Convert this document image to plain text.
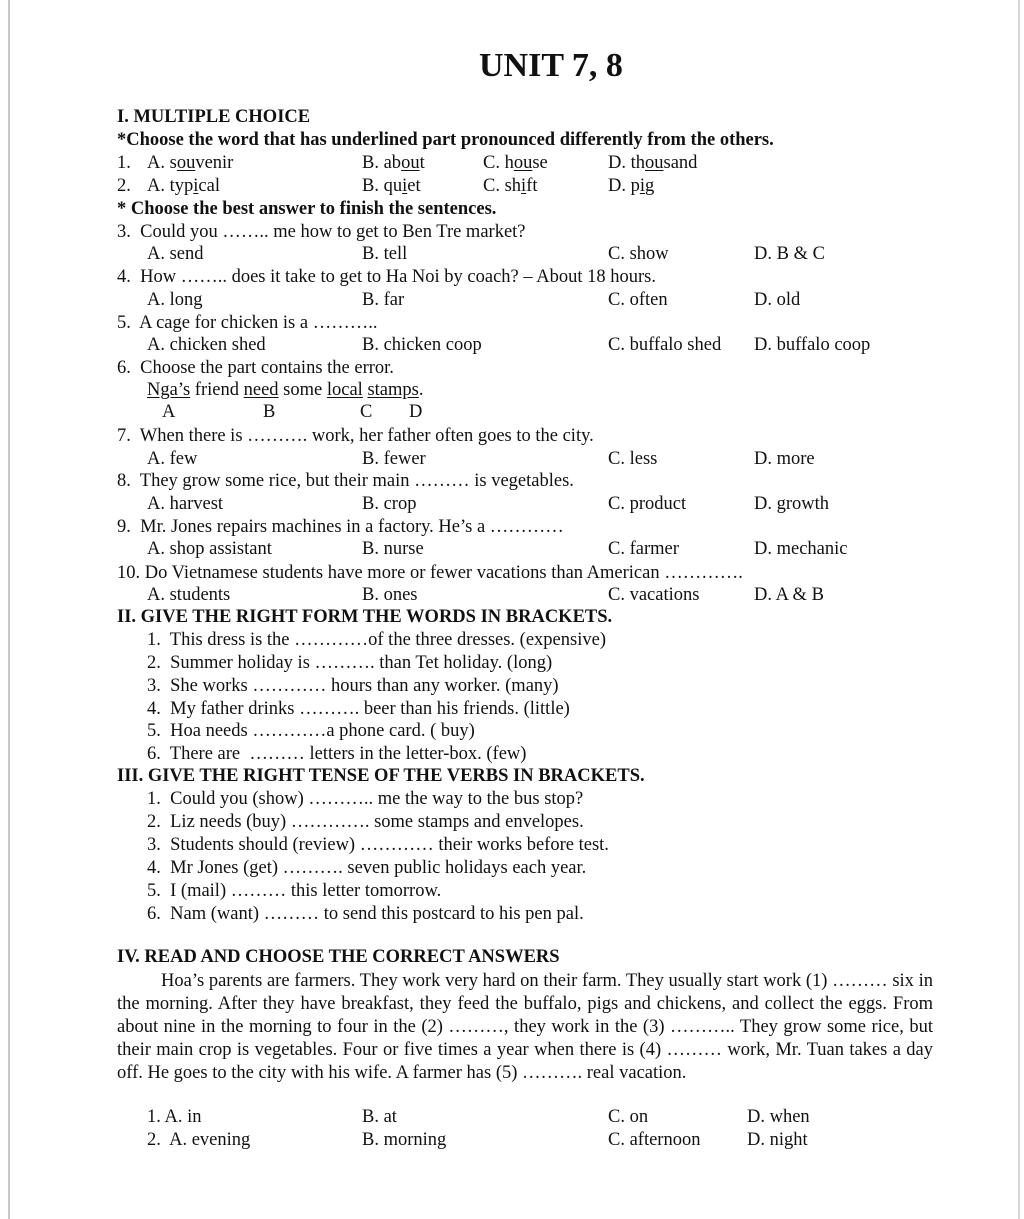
UNIT 7, 8
I. MULTIPLE CHOICE
*Choose the word that has underlined part pronounced differently from the others.
1. A. souvenir	B. about	C. house	D. thousand
2. A. typical	B. quiet	C. shift	D. pig
* Choose the best answer to finish the sentences.
3.  Could you …….. me how to get to Ben Tre market?
A. send	B. tell	C. show	D. B & C
4.  How …….. does it take to get to Ha Noi by coach? – About 18 hours.
A. long	B. far	C. often	D. old
5.  A cage for chicken is a ………..
A. chicken shed	B. chicken coop	C. buffalo shed D. buffalo coop
6.  Choose the part contains the error.
Nga’s friend need some local stamps.
A	B	C D
7.  When there is ………. work, her father often goes to the city.
A. few	B. fewer	C. less	D. more
8.  They grow some rice, but their main ……… is vegetables.
A. harvest	B. crop	C. product	D. growth
9.  Mr. Jones repairs machines in a factory. He’s a …………
A. shop assistant	B. nurse	C. farmer	D. mechanic
10. Do Vietnamese students have more or fewer vacations than American ………….
A. students	B. ones	C. vacations	D. A & B
II. GIVE THE RIGHT FORM THE WORDS IN BRACKETS.
1.  This dress is the …………of the three dresses. (expensive)
2.  Summer holiday is ………. than Tet holiday. (long)
3.  She works ………… hours than any worker. (many)
4.  My father drinks ………. beer than his friends. (little)
5.  Hoa needs …………a phone card. ( buy)
6.  There are  ……… letters in the letter-box. (few)
III. GIVE THE RIGHT TENSE OF THE VERBS IN BRACKETS.
1.  Could you (show) ……….. me the way to the bus stop?
2.  Liz needs (buy) …………. some stamps and envelopes.
3.  Students should (review) ………… their works before test.
4.  Mr Jones (get) ………. seven public holidays each year.
5.  I (mail) ……… this letter tomorrow.
6.  Nam (want) ……… to send this postcard to his pen pal.
IV. READ AND CHOOSE THE CORRECT ANSWERS
Hoa’s parents are farmers. They work very hard on their farm. They usually start work (1) ……… six in the morning. After they have breakfast, they feed the buffalo, pigs and chickens, and collect the eggs. From about nine in the morning to four in the (2) ………, they work in the (3) ……….. They grow some rice, but their main crop is vegetables. Four or five times a year when there is (4) ……… work, Mr. Tuan takes a day off. He goes to the city with his wife. A farmer has (5) ………. real vacation.
1. A. in	B. at	C. on	D. when
2.  A. evening	B. morning	C. afternoon	D. night
